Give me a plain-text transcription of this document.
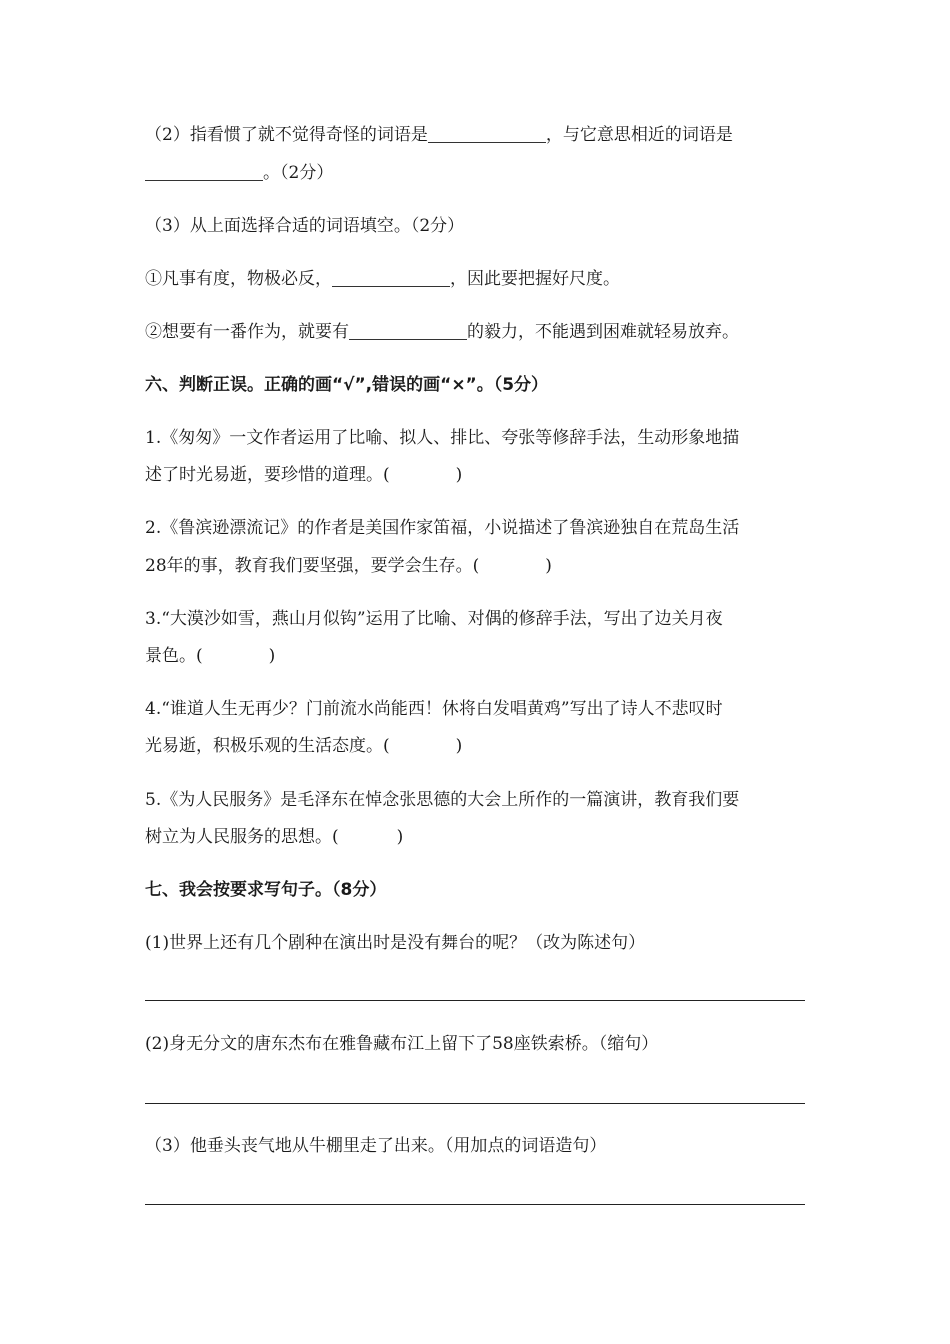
（2）指看惯了就不觉得奇怪的词语是	，与它意思相近的词语是
。（2分）
（3）从上面选择合适的词语填空。（2分）
①凡事有度，物极必反，	，因此要把握好尺度。
②想要有一番作为，就要有	的毅力，不能遇到困难就轻易放弃。
六、判断正误。正确的画“√”,错误的画“×”。（5分）
1.《匆匆》一文作者运用了比喻、拟人、排比、夸张等修辞手法，生动形象地描
述了时光易逝，要珍惜的道理。(	)
2.《鲁滨逊漂流记》的作者是美国作家笛福，小说描述了鲁滨逊独自在荒岛生活
28年的事，教育我们要坚强，要学会生存。(	)
3.“大漠沙如雪，燕山月似钩”运用了比喻、对偶的修辞手法，写出了边关月夜
景色。(	)
4.“谁道人生无再少？门前流水尚能西！休将白发唱黄鸡”写出了诗人不悲叹时
光易逝，积极乐观的生活态度。(	)
5.《为人民服务》是毛泽东在悼念张思德的大会上所作的一篇演讲，教育我们要
树立为人民服务的思想。(	)
七、我会按要求写句子。（8分）
(1)世界上还有几个剧种在演出时是没有舞台的呢？（改为陈述句）
(2)身无分文的唐东杰布在雅鲁藏布江上留下了58座铁索桥。（缩句）
（3）他垂头丧气地从牛棚里走了出来。（用加点的词语造句）
